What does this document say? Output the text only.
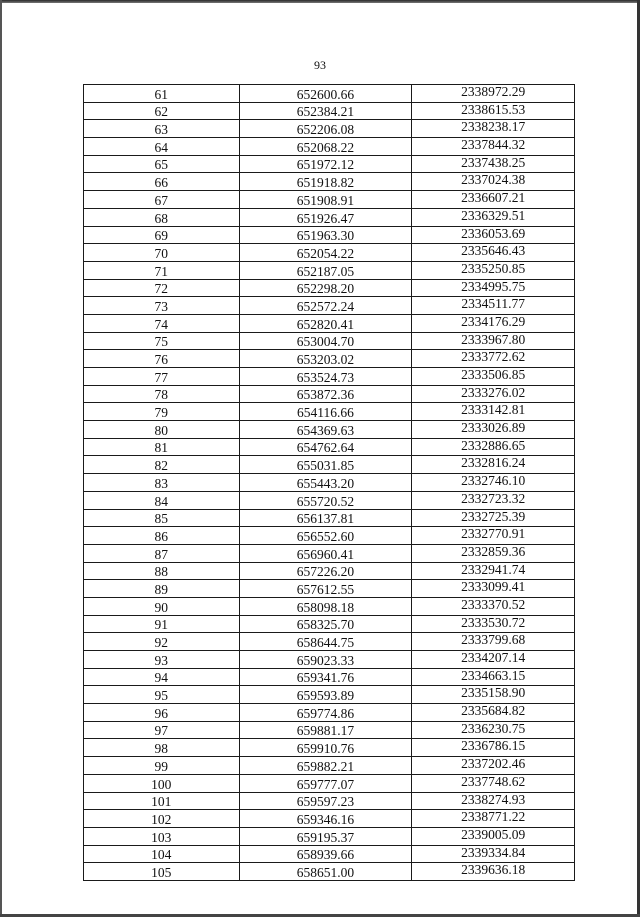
93
61	652600.66	2338972.29
62	652384.21	2338615.53
63	652206.08	2338238.17
64	652068.22	2337844.32
65	651972.12	2337438.25
66	651918.82	2337024.38
67	651908.91	2336607.21
68	651926.47	2336329.51
69	651963.30	2336053.69
70	652054.22	2335646.43
71	652187.05	2335250.85
72	652298.20	2334995.75
73	652572.24	2334511.77
74	652820.41	2334176.29
75	653004.70	2333967.80
76	653203.02	2333772.62
77	653524.73	2333506.85
78	653872.36	2333276.02
79	654116.66	2333142.81
80	654369.63	2333026.89
81	654762.64	2332886.65
82	655031.85	2332816.24
83	655443.20	2332746.10
84	655720.52	2332723.32
85	656137.81	2332725.39
86	656552.60	2332770.91
87	656960.41	2332859.36
88	657226.20	2332941.74
89	657612.55	2333099.41
90	658098.18	2333370.52
91	658325.70	2333530.72
92	658644.75	2333799.68
93	659023.33	2334207.14
94	659341.76	2334663.15
95	659593.89	2335158.90
96	659774.86	2335684.82
97	659881.17	2336230.75
98	659910.76	2336786.15
99	659882.21	2337202.46
100	659777.07	2337748.62
101	659597.23	2338274.93
102	659346.16	2338771.22
103	659195.37	2339005.09
104	658939.66	2339334.84
105	658651.00	2339636.18
